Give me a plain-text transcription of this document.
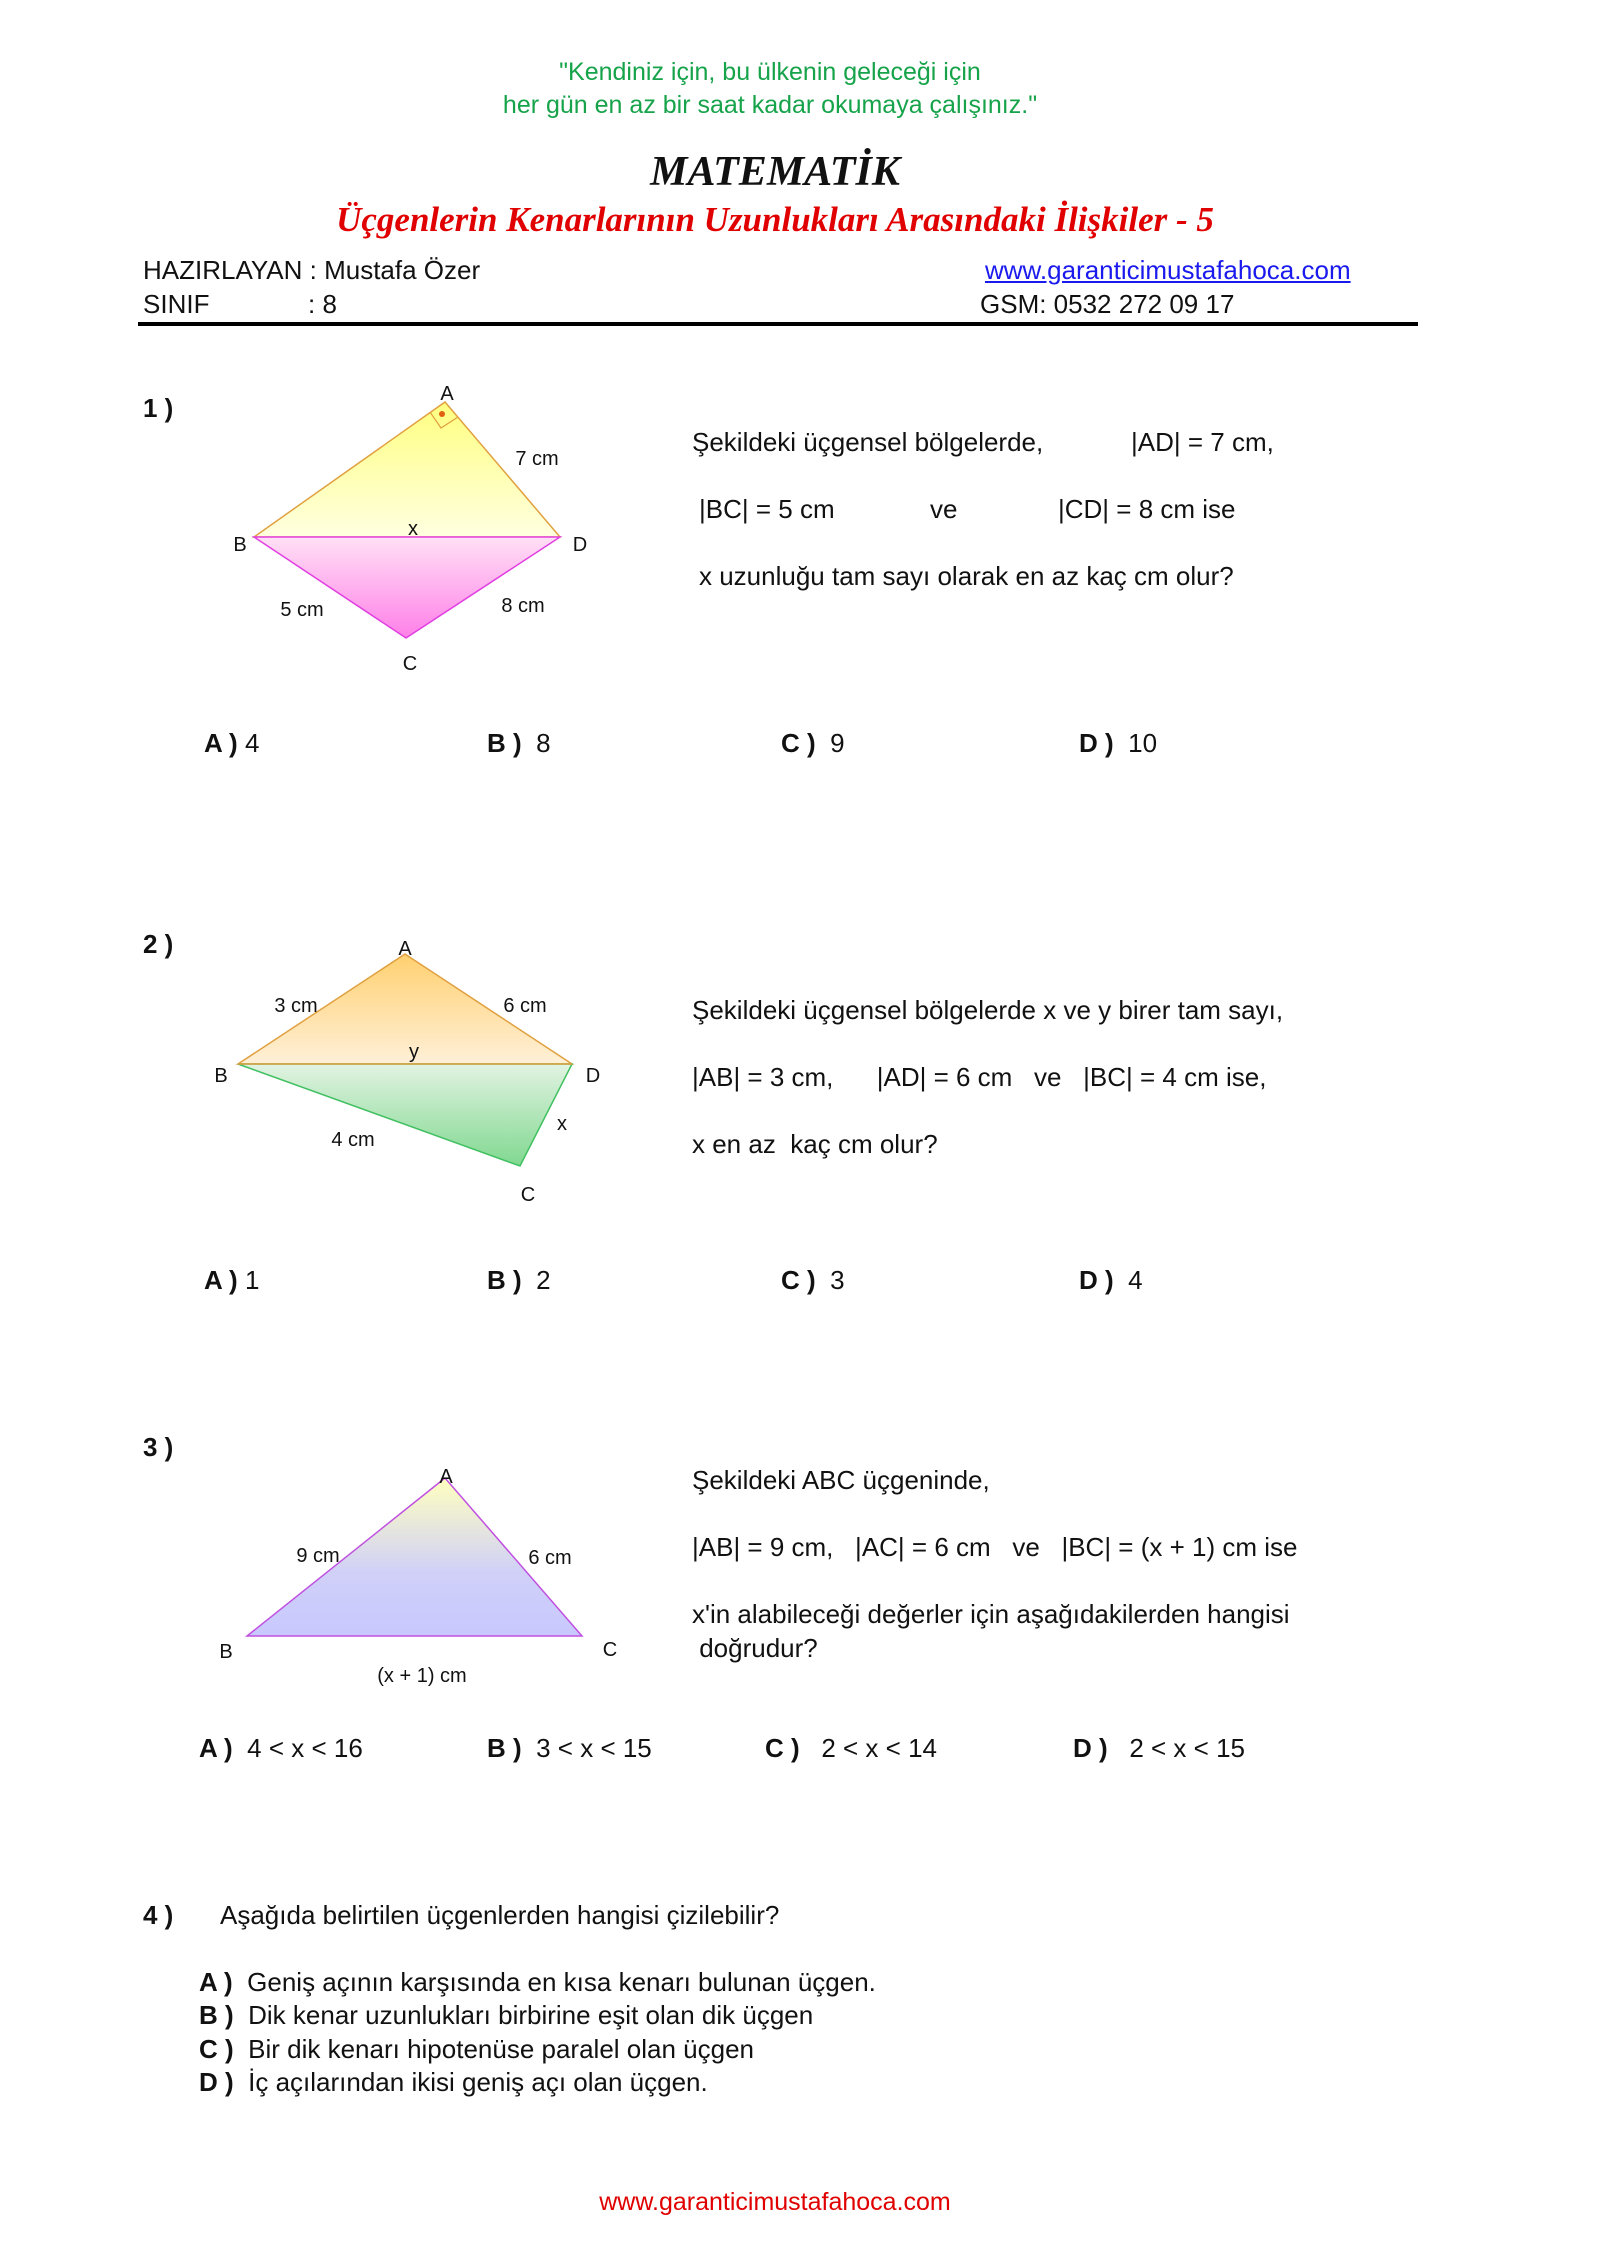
"Kendiniz için, bu ülkenin geleceği için
her gün en az bir saat kadar okumaya çalışınız."
MATEMATİK
Üçgenlerin Kenarlarının Uzunlukları Arasındaki İlişkiler - 5
HAZIRLAYAN : Mustafa Özer
SINIF	: 8
www.garanticimustafahoca.com
GSM: 0532 272 09 17
A
B	D
C
7 cm
x
5 cm	8 cm
A
B	D
C
3 cm	6 cm
y
4 cm
x
A
B	C
9 cm	6 cm
(x + 1) cm
1 )
Şekildeki üçgensel bölgelerde,	|AD| = 7 cm,
|BC| = 5 cm	ve	|CD| = 8 cm ise
x uzunluğu tam sayı olarak en az kaç cm olur?
A ) 4	B ) 8	C ) 9	D ) 10
2 )
Şekildeki üçgensel bölgelerde x ve y birer tam sayı,
|AB| = 3 cm,      |AD| = 6 cm   ve   |BC| = 4 cm ise,
x en az  kaç cm olur?
A ) 1	B ) 2	C ) 3	D ) 4
3 )
Şekildeki ABC üçgeninde,
|AB| = 9 cm,   |AC| = 6 cm   ve   |BC| = (x + 1) cm ise
x'in alabileceği değerler için aşağıdakilerden hangisi
doğrudur?
A ) 4 < x < 16	B ) 3 < x < 15	C ) 2 < x < 14	D ) 2 < x < 15
4 ) Aşağıda belirtilen üçgenlerden hangisi çizilebilir?
A ) Geniş açının karşısında en kısa kenarı bulunan üçgen.
B ) Dik kenar uzunlukları birbirine eşit olan dik üçgen
C ) Bir dik kenarı hipotenüse paralel olan üçgen
D ) İç açılarından ikisi geniş açı olan üçgen.
www.garanticimustafahoca.com
